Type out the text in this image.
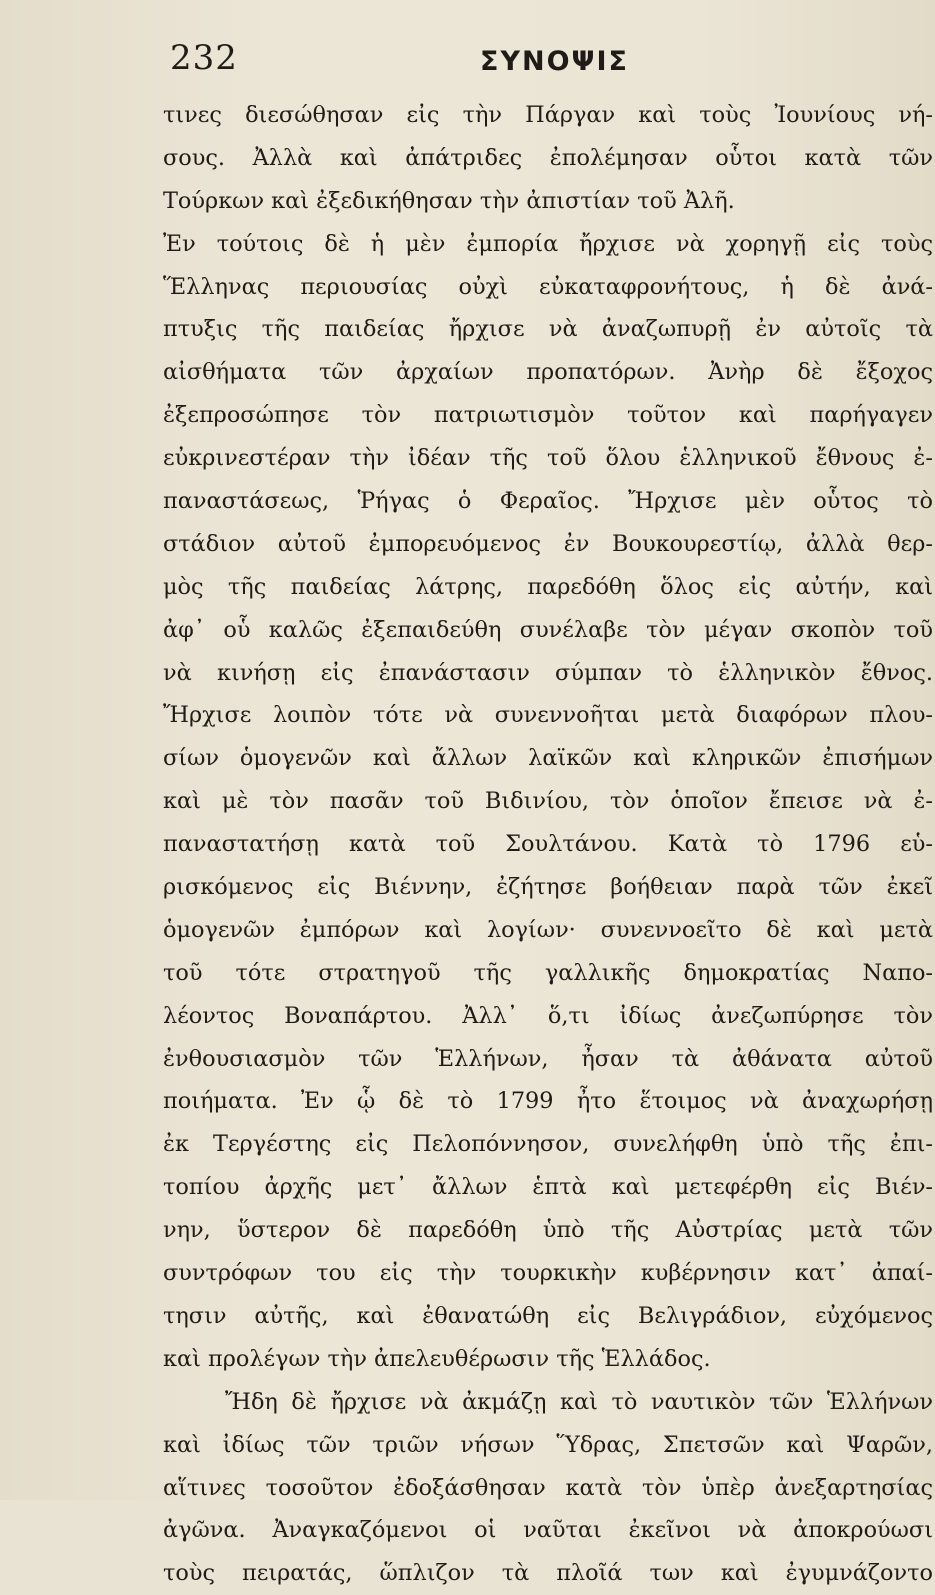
232	ΣΥΝΟΨΙΣ
τινες διεσώθησαν εἰς τὴν Πάργαν καὶ τοὺς Ἰουνίους νή-
σους. Ἀλλὰ καὶ ἀπάτριδες ἐπολέμησαν οὗτοι κατὰ τῶν
Τούρκων καὶ ἐξεδικήθησαν τὴν ἀπιστίαν τοῦ Ἀλῆ.
Ἐν τούτοις δὲ ἡ μὲν ἐμπορία ἤρχισε νὰ χορηγῇ εἰς τοὺς
Ἕλληνας περιουσίας οὐχὶ εὐκαταφρονήτους, ἡ δὲ ἀνά-
πτυξις τῆς παιδείας ἤρχισε νὰ ἀναζωπυρῇ ἐν αὐτοῖς τὰ
αἰσθήματα τῶν ἀρχαίων προπατόρων. Ἀνὴρ δὲ ἔξοχος
ἐξεπροσώπησε τὸν πατριωτισμὸν τοῦτον καὶ παρήγαγεν
εὐκρινεστέραν τὴν ἰδέαν τῆς τοῦ ὅλου ἑλληνικοῦ ἔθνους ἐ-
παναστάσεως, Ῥήγας ὁ Φεραῖος. Ἤρχισε μὲν οὗτος τὸ
στάδιον αὐτοῦ ἐμπορευόμενος ἐν Βουκουρεστίῳ, ἀλλὰ θερ-
μὸς τῆς παιδείας λάτρης, παρεδόθη ὅλος εἰς αὐτήν, καὶ
ἀφ᾽ οὗ καλῶς ἐξεπαιδεύθη συνέλαβε τὸν μέγαν σκοπὸν τοῦ
νὰ κινήσῃ εἰς ἐπανάστασιν σύμπαν τὸ ἑλληνικὸν ἔθνος.
Ἤρχισε λοιπὸν τότε νὰ συνεννοῆται μετὰ διαφόρων πλου-
σίων ὁμογενῶν καὶ ἄλλων λαϊκῶν καὶ κληρικῶν ἐπισήμων
καὶ μὲ τὸν πασᾶν τοῦ Βιδινίου, τὸν ὁποῖον ἔπεισε νὰ ἐ-
παναστατήσῃ κατὰ τοῦ Σουλτάνου. Κατὰ τὸ 1796 εὑ-
ρισκόμενος εἰς Βιέννην, ἐζήτησε βοήθειαν παρὰ τῶν ἐκεῖ
ὁμογενῶν ἐμπόρων καὶ λογίων· συνεννοεῖτο δὲ καὶ μετὰ
τοῦ τότε στρατηγοῦ τῆς γαλλικῆς δημοκρατίας Ναπο-
λέοντος Βοναπάρτου. Ἀλλ᾽ ὅ,τι ἰδίως ἀνεζωπύρησε τὸν
ἐνθουσιασμὸν τῶν Ἑλλήνων, ἦσαν τὰ ἀθάνατα αὐτοῦ
ποιήματα. Ἐν ᾧ δὲ τὸ 1799 ἦτο ἕτοιμος νὰ ἀναχωρήσῃ
ἐκ Τεργέστης εἰς Πελοπόννησον, συνελήφθη ὑπὸ τῆς ἐπι-
τοπίου ἀρχῆς μετ᾽ ἄλλων ἑπτὰ καὶ μετεφέρθη εἰς Βιέν-
νην, ὕστερον δὲ παρεδόθη ὑπὸ τῆς Αὐστρίας μετὰ τῶν
συντρόφων του εἰς τὴν τουρκικὴν κυβέρνησιν κατ᾽ ἀπαί-
τησιν αὐτῆς, καὶ ἐθανατώθη εἰς Βελιγράδιον, εὐχόμενος
καὶ προλέγων τὴν ἀπελευθέρωσιν τῆς Ἑλλάδος.
Ἤδη δὲ ἤρχισε νὰ ἀκμάζῃ καὶ τὸ ναυτικὸν τῶν Ἑλλήνων
καὶ ἰδίως τῶν τριῶν νήσων Ὕδρας, Σπετσῶν καὶ Ψαρῶν,
αἵτινες τοσοῦτον ἐδοξάσθησαν κατὰ τὸν ὑπὲρ ἀνεξαρτησίας
ἀγῶνα. Ἀναγκαζόμενοι οἱ ναῦται ἐκεῖνοι νὰ ἀποκρούωσι
τοὺς πειρατάς, ὥπλιζον τὰ πλοῖά των καὶ ἐγυμνάζοντο
